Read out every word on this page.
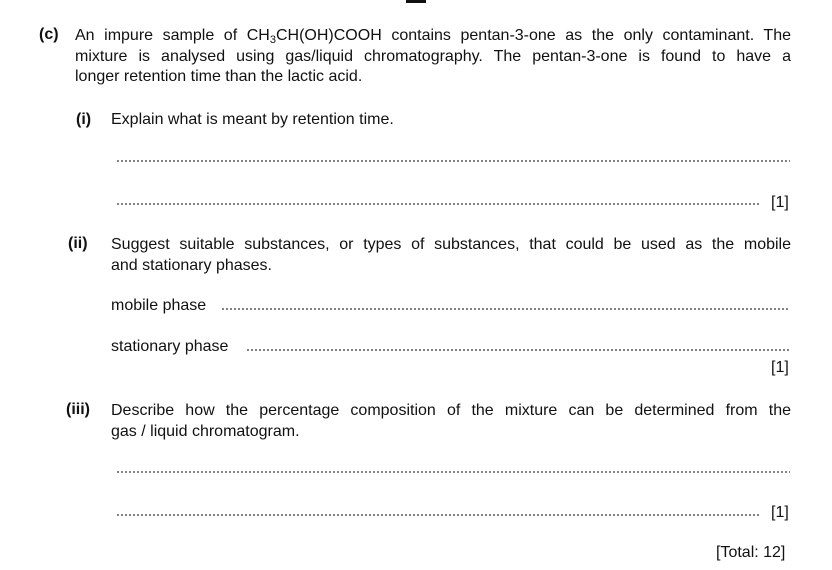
(c) An impure sample of $CH_3CH(OH)COOH$ contains pentan-3-one as the only contaminant. The
mixture is analysed using gas/liquid chromatography. The pentan-3-one is found to have a
longer retention time than the lactic acid.
(i) Explain what is meant by retention time.
[1]
(ii) Suggest suitable substances, or types of substances, that could be used as the mobile
and stationary phases.
mobile phase
stationary phase
[1]
(iii) Describe how the percentage composition of the mixture can be determined from the
gas / liquid chromatogram.
[1]
[Total: 12]
